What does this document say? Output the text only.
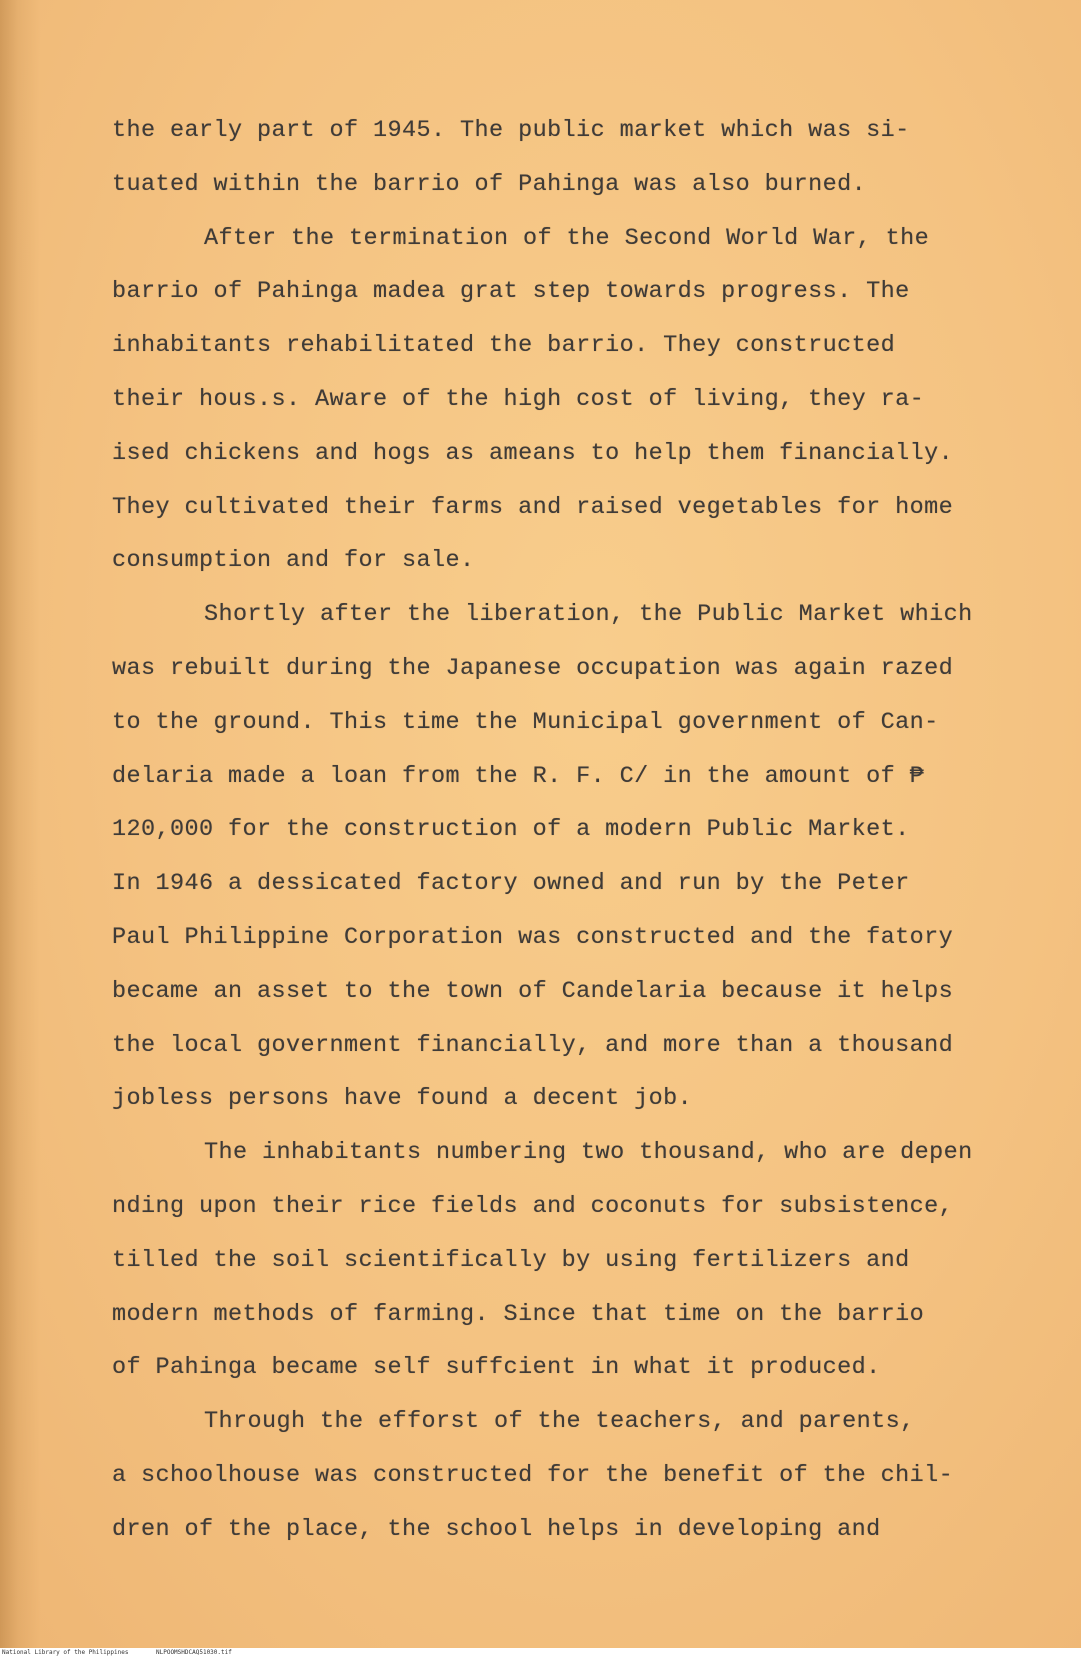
the early part of 1945. The public market which was si-
tuated within the barrio of Pahinga was also burned.
After the termination of the Second World War, the
barrio of Pahinga madea grat step towards progress. The
inhabitants rehabilitated the barrio. They constructed
their hous.s. Aware of the high cost of living, they ra-
ised chickens and hogs as ameans to help them financially.
They cultivated their farms and raised vegetables for home
consumption and for sale.
Shortly after the liberation, the Public Market which
was rebuilt during the Japanese occupation was again razed
to the ground. This time the Municipal government of Can-
delaria made a loan from the R. F. C/ in the amount of ₱
120,000 for the construction of a modern Public Market.
In 1946 a dessicated factory owned and run by the Peter
Paul Philippine Corporation was constructed and the fatory
became an asset to the town of Candelaria because it helps
the local government financially, and more than a thousand
jobless persons have found a decent job.
The inhabitants numbering two thousand, who are depen
nding upon their rice fields and coconuts for subsistence,
tilled the soil scientifically by using fertilizers and
modern methods of farming. Since that time on the barrio
of Pahinga became self suffcient in what it produced.
Through the efforst of the teachers, and parents,
a schoolhouse was constructed for the benefit of the chil-
dren of the place, the school helps in developing and
National Library of the Philippines	NLPOOMSHDCAQ51030.tif
